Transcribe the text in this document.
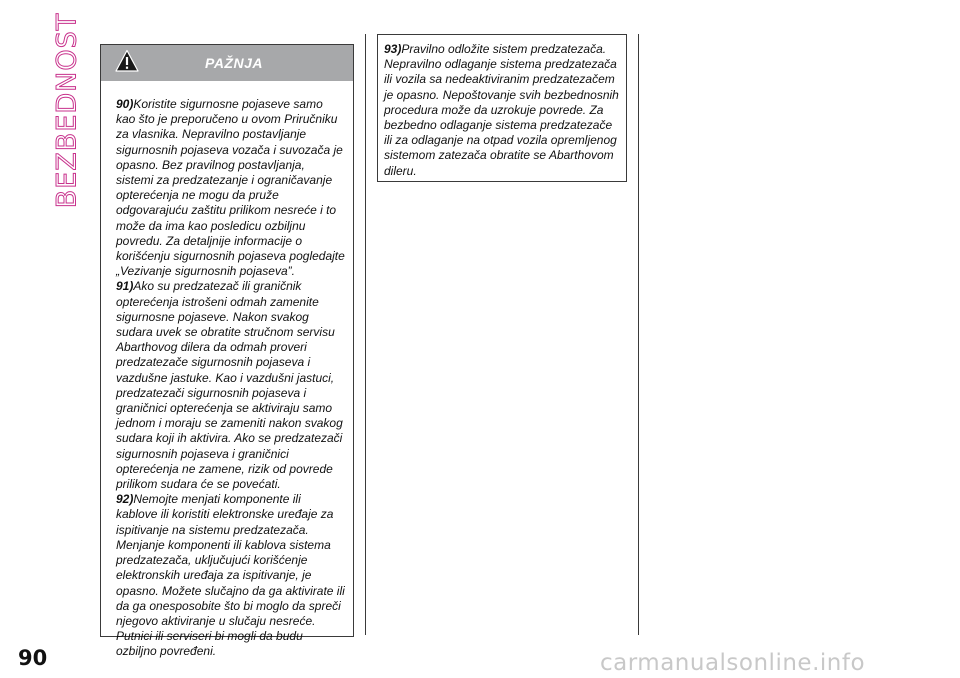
BEZBEDNOST	PAŽNJA

90)Koristite sigurnosne pojaseve samo kao što je preporučeno u ovom Priručniku za vlasnika. Nepravilno postavljanje sigurnosnih pojaseva vozača i suvozača je opasno. Bez pravilnog postavljanja, sistemi za predzatezanje i ograničavanje opterećenja ne mogu da pruže odgovarajuću zaštitu prilikom nesreće i to može da ima kao posledicu ozbiljnu povredu. Za detaljnije informacije o korišćenju sigurnosnih pojaseva pogledajte „Vezivanje sigurnosnih pojaseva”.

91)Ako su predzatezač ili graničnik opterećenja istrošeni odmah zamenite sigurnosne pojaseve. Nakon svakog sudara uvek se obratite stručnom servisu Abarthovog dilera da odmah proveri predzatezače sigurnosnih pojaseva i vazdušne jastuke. Kao i vazdušni jastuci, predzatezači sigurnosnih pojaseva i graničnici opterećenja se aktiviraju samo jednom i moraju se zameniti nakon svakog sudara koji ih aktivira. Ako se predzatezači sigurnosnih pojaseva i graničnici opterećenja ne zamene, rizik od povrede prilikom sudara će se povećati.

92)Nemojte menjati komponente ili kablove ili koristiti elektronske uređaje za ispitivanje na sistemu predzatezača. Menjanje komponenti ili kablova sistema predzatezača, uključujući korišćenje elektronskih uređaja za ispitivanje, je opasno. Možete slučajno da ga aktivirate ili da ga onesposobite što bi moglo da spreči njegovo aktiviranje u slučaju nesreće. Putnici ili serviseri bi mogli da budu ozbiljno povređeni.

93)Pravilno odložite sistem predzatezača. Nepravilno odlaganje sistema predzatezača ili vozila sa nedeaktiviranim predzatezačem je opasno. Nepoštovanje svih bezbednosnih procedura može da uzrokuje povrede. Za bezbedno odlaganje sistema predzatezače ili za odlaganje na otpad vozila opremljenog sistemom zatezača obratite se Abarthovom dileru.

90	carmanualsonline.info
